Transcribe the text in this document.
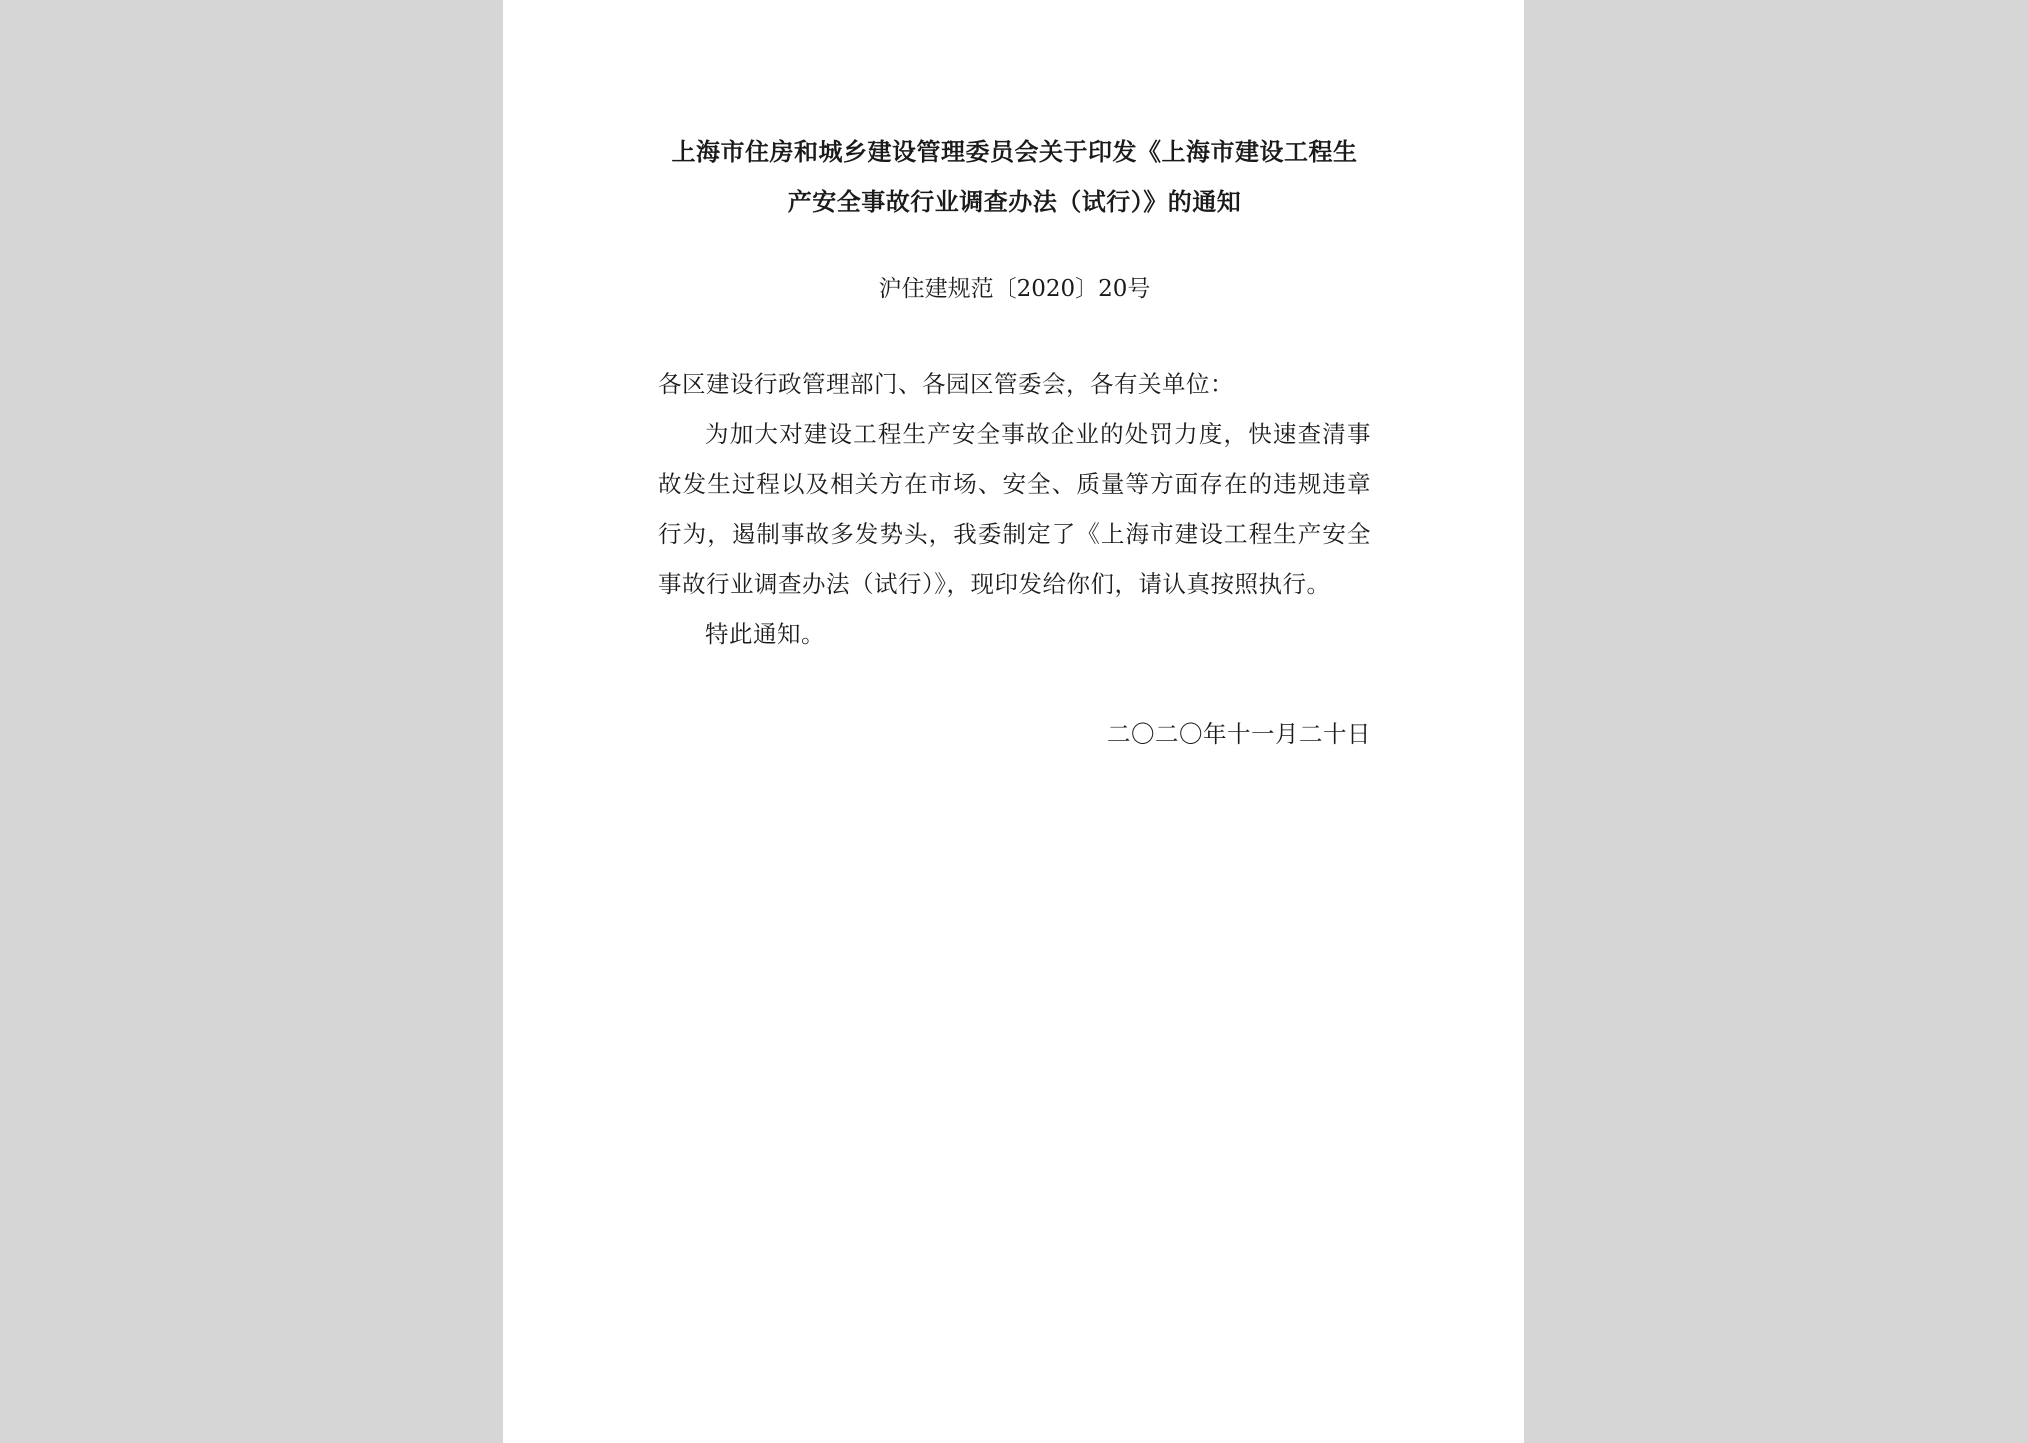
上海市住房和城乡建设管理委员会关于印发《上海市建设工程生
产安全事故行业调查办法（试行）》的通知

沪住建规范〔2020〕20号

各区建设行政管理部门、各园区管委会，各有关单位：

为加大对建设工程生产安全事故企业的处罚力度，快速查清事故发生过程以及相关方在市场、安全、质量等方面存在的违规违章行为，遏制事故多发势头，我委制定了《上海市建设工程生产安全事故行业调查办法（试行）》，现印发给你们，请认真按照执行。

特此通知。

二〇二〇年十一月二十日
